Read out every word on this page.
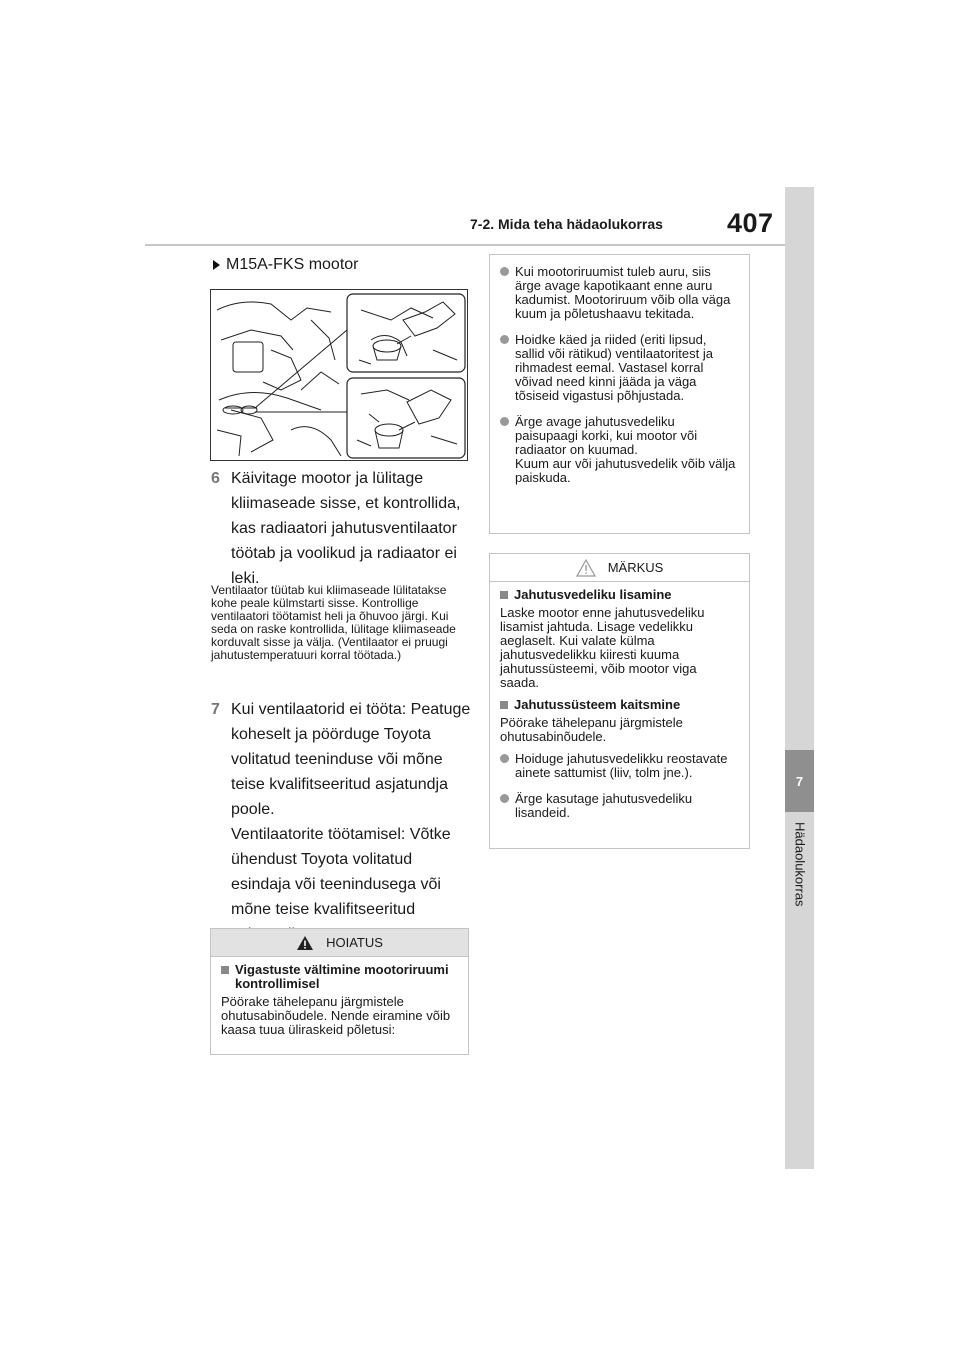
7-2. Mida teha hädaolukorras 407
7
Hädaolukorras
M15A-FKS mootor
6 Käivitage mootor ja lülitage kliimaseade sisse, et kontrollida, kas radiaatori jahutusventilaator töötab ja voolikud ja radiaator ei leki.
Ventilaator tüütab kui kliimaseade lülitatakse kohe peale külmstarti sisse. Kontrollige ventilaatori töötamist heli ja õhuvoo järgi. Kui seda on raske kontrollida, lülitage kliimaseade korduvalt sisse ja välja. (Ventilaator ei pruugi jahutustemperatuuri korral töötada.)
7 Kui ventilaatorid ei tööta: Peatuge koheselt ja pöörduge Toyota volitatud teeninduse või mõne teise kvalifitseeritud asjatundja poole.
Ventilaatorite töötamisel: Võtke ühendust Toyota volitatud esindaja või teenindusega või mõne teise kvalifitseeritud
HOIATUS
Vigastuste vältimine mootoriruumi kontrollimisel
Pöörake tähelepanu järgmistele ohutusabinõudele. Nende eiramine võib kaasa tuua üliraskeid põletusi:
Kui mootoriruumist tuleb auru, siis ärge avage kapotikaant enne auru kadumist. Mootoriruum võib olla väga kuum ja põletushaavu tekitada.
Hoidke käed ja riided (eriti lipsud, sallid või rätikud) ventilaatoritest ja rihmadest eemal. Vastasel korral võivad need kinni jääda ja väga tõsiseid vigastusi põhjustada.
Ärge avage jahutusvedeliku paisupaagi korki, kui mootor või radiaator on kuumad.
Kuum aur või jahutusvedelik võib välja paiskuda.
MÄRKUS
Jahutusvedeliku lisamine
Laske mootor enne jahutusvedeliku lisamist jahtuda. Lisage vedelikku aeglaselt. Kui valate külma jahutusvedelikku kiiresti kuuma jahutussüsteemi, võib mootor viga saada.
Jahutussüsteem kaitsmine
Pöörake tähelepanu järgmistele ohutusabinõudele.
Hoiduge jahutusvedelikku reostavate ainete sattumist (liiv, tolm jne.).
Ärge kasutage jahutusvedeliku lisandeid.
